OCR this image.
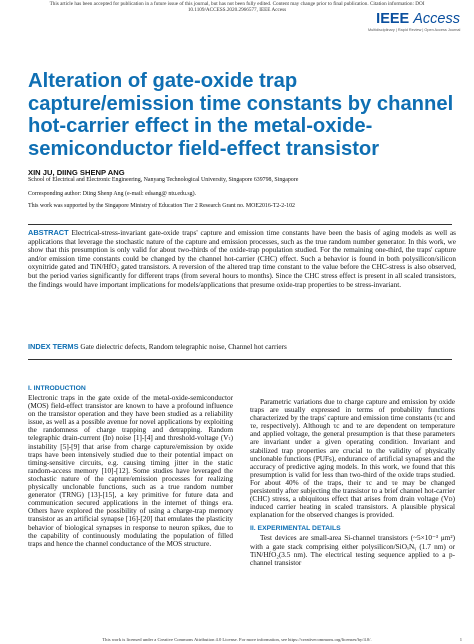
This article has been accepted for publication in a future issue of this journal, but has not been fully edited. Content may change prior to final publication. Citation information: DOI
10.1109/ACCESS.2020.2966577, IEEE Access
IEEE Access
Multidisciplinary | Rapid Review | Open Access Journal
Alteration of gate-oxide trap capture/emission time constants by channel hot-carrier effect in the metal-oxide-semiconductor field-effect transistor
XIN JU, DIING SHENP ANG
School of Electrical and Electronic Engineering, Nanyang Technological University, Singapore 639798, Singapore
Corresponding author: Diing Shenp Ang (e-mail: edsang@ ntu.edu.sg).
This work was supported by the Singapore Ministry of Education Tier 2 Research Grant no. MOE2016-T2-2-102

ABSTRACT Electrical-stress-invariant gate-oxide traps' capture and emission time constants have been the basis of aging models as well as applications that leverage the stochastic nature of the capture and emission processes, such as the true random number generator. In this work, we show that this presumption is only valid for about two-thirds of the oxide-trap population studied. For the remaining one-third, the traps' capture and/or emission time constants could be changed by the channel hot-carrier (CHC) effect. Such a behavior is found in both polysilicon/silicon oxynitride gated and TiN/HfO₂ gated transistors. A reversion of the altered trap time constant to the value before the CHC-stress is also observed, but the period varies significantly for different traps (from several hours to months). Since the CHC stress effect is present in all scaled transistors, the findings would have important implications for models/applications that presume oxide-trap properties to be stress-invariant.

INDEX TERMS Gate dielectric defects, Random telegraphic noise, Channel hot carriers

I. INTRODUCTION

Electronic traps in the gate oxide of the metal-oxide-semiconductor (MOS) field-effect transistor are known to have a profound influence on the transistor operation and they have been studied as a reliability issue, as well as a possible avenue for novel applications by exploiting the randomness of charge trapping and detrapping. Random telegraphic drain-current (Iᴅ) noise [1]-[4] and threshold-voltage (Vₜ) instability [5]-[9] that arise from charge capture/emission by oxide traps have been intensively studied due to their potential impact on timing-sensitive circuits, e.g. causing timing jitter in the static random-access memory [10]-[12]. Some studies have leveraged the stochastic nature of the capture/emission processes for realizing physically unclonable functions, such as a true random number generator (TRNG) [13]-[15], a key primitive for future data and communication secured applications in the internet of things era. Others have explored the possibility of using a charge-trap memory transistor as an artificial synapse [16]-[20] that emulates the plasticity behavior of biological synapses in response to neuron spikes, due to the capability of continuously modulating the population of filled traps and hence the channel conductance of the MOS structure.

Parametric variations due to charge capture and emission by oxide traps are usually expressed in terms of probability functions characterized by the traps' capture and emission time constants (τc and τe, respectively). Although τc and τe are dependent on temperature and applied voltage, the general presumption is that these parameters are invariant under a given operating condition. Invariant and stabilized trap properties are crucial to the validity of physically unclonable functions (PUFs), endurance of artificial synapses and the accuracy of predictive aging models. In this work, we found that this presumption is valid for less than two-third of the oxide traps studied. For about 40% of the traps, their τc and τe may be changed persistently after subjecting the transistor to a brief channel hot-carrier (CHC) stress, a ubiquitous effect that arises from drain voltage (Vᴅ) induced carrier heating in scaled transistors. A plausible physical explanation for the observed changes is provided.

II. EXPERIMENTAL DETAILS

Test devices are small-area Si-channel transistors (~5×10⁻³ μm²) with a gate stack comprising either polysilicon/SiOₓNᵧ (1.7 nm) or TiN/HfO₂(3.5 nm). The electrical testing sequence applied to a p-channel transistor

This work is licensed under a Creative Commons Attribution 4.0 License. For more information, see https://creativecommons.org/licenses/by/4.0/.	1
